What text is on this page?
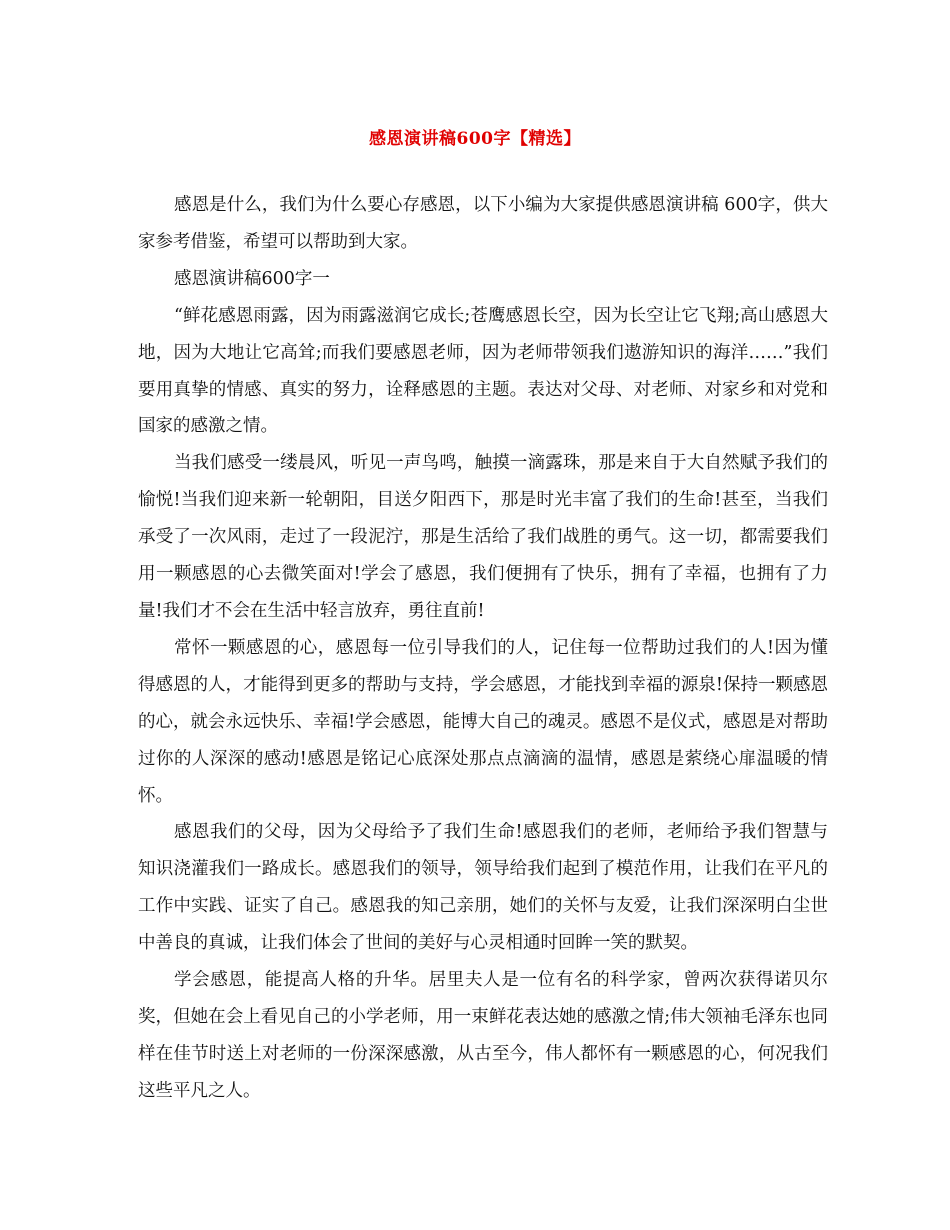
感恩演讲稿600字【精选】

感恩是什么，我们为什么要心存感恩，以下小编为大家提供感恩演讲稿 600字，供大家参考借鉴，希望可以帮助到大家。

感恩演讲稿600字一

“鲜花感恩雨露，因为雨露滋润它成长;苍鹰感恩长空，因为长空让它飞翔;高山感恩大地，因为大地让它高耸;而我们要感恩老师，因为老师带领我们遨游知识的海洋……”我们要用真挚的情感、真实的努力，诠释感恩的主题。表达对父母、对老师、对家乡和对党和国家的感激之情。

当我们感受一缕晨风，听见一声鸟鸣，触摸一滴露珠，那是来自于大自然赋予我们的愉悦!当我们迎来新一轮朝阳，目送夕阳西下，那是时光丰富了我们的生命!甚至，当我们承受了一次风雨，走过了一段泥泞，那是生活给了我们战胜的勇气。这一切，都需要我们用一颗感恩的心去微笑面对!学会了感恩，我们便拥有了快乐，拥有了幸福，也拥有了力量!我们才不会在生活中轻言放弃，勇往直前!

常怀一颗感恩的心，感恩每一位引导我们的人，记住每一位帮助过我们的人!因为懂得感恩的人，才能得到更多的帮助与支持，学会感恩，才能找到幸福的源泉!保持一颗感恩的心，就会永远快乐、幸福!学会感恩，能博大自己的魂灵。感恩不是仪式，感恩是对帮助过你的人深深的感动!感恩是铭记心底深处那点点滴滴的温情，感恩是萦绕心扉温暖的情怀。

感恩我们的父母，因为父母给予了我们生命!感恩我们的老师，老师给予我们智慧与知识浇灌我们一路成长。感恩我们的领导，领导给我们起到了模范作用，让我们在平凡的工作中实践、证实了自己。感恩我的知己亲朋，她们的关怀与友爱，让我们深深明白尘世中善良的真诚，让我们体会了世间的美好与心灵相通时回眸一笑的默契。

学会感恩，能提高人格的升华。居里夫人是一位有名的科学家，曾两次获得诺贝尔奖，但她在会上看见自己的小学老师，用一束鲜花表达她的感激之情;伟大领袖毛泽东也同样在佳节时送上对老师的一份深深感激，从古至今，伟人都怀有一颗感恩的心，何况我们这些平凡之人。
